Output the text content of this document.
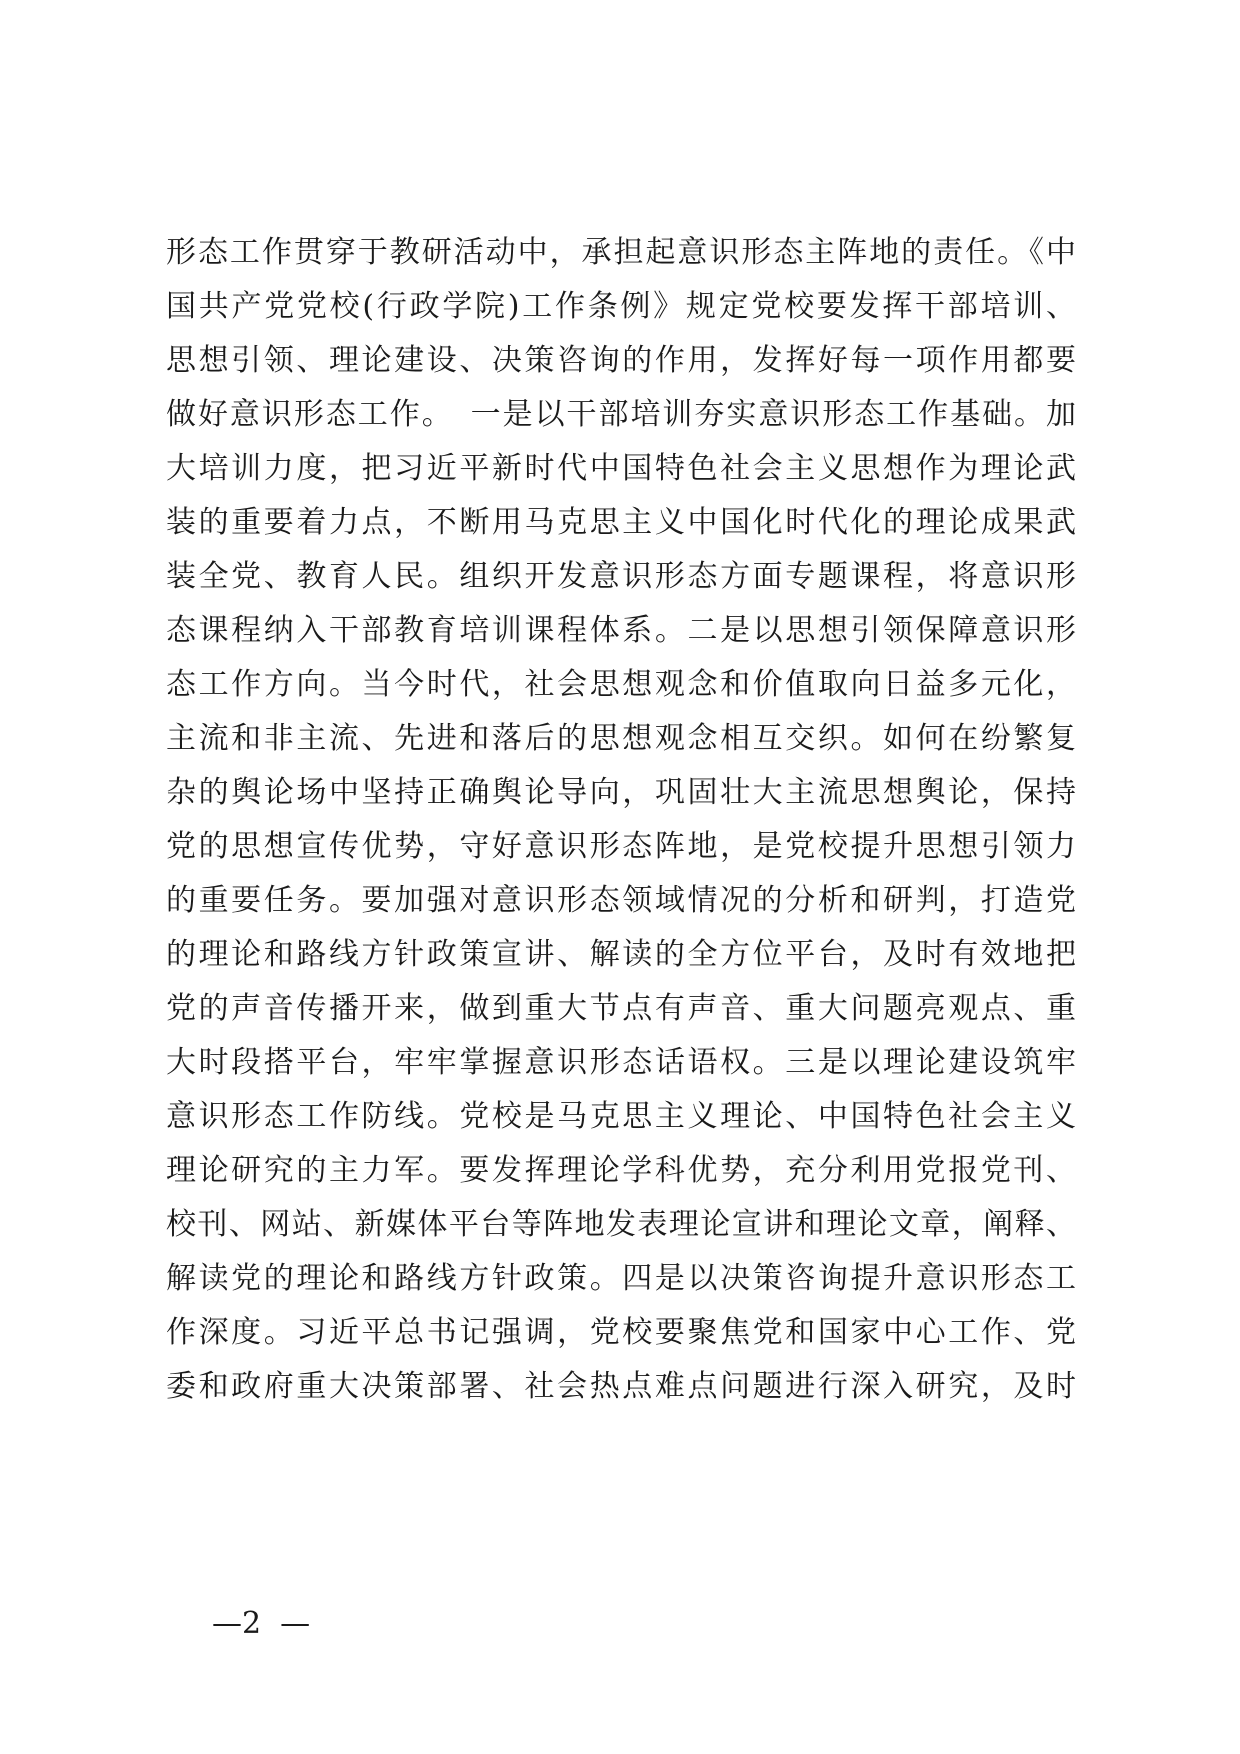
形态工作贯穿于教研活动中，承担起意识形态主阵地的责任。《中
国共产党党校(行政学院)工作条例》规定党校要发挥干部培训、
思想引领、理论建设、决策咨询的作用，发挥好每一项作用都要
做好意识形态工作。　一是以干部培训夯实意识形态工作基础。加
大培训力度，把习近平新时代中国特色社会主义思想作为理论武
装的重要着力点，不断用马克思主义中国化时代化的理论成果武
装全党、教育人民。组织开发意识形态方面专题课程，将意识形
态课程纳入干部教育培训课程体系。二是以思想引领保障意识形
态工作方向。当今时代，社会思想观念和价值取向日益多元化，
主流和非主流、先进和落后的思想观念相互交织。如何在纷繁复
杂的舆论场中坚持正确舆论导向，巩固壮大主流思想舆论，保持
党的思想宣传优势，守好意识形态阵地，是党校提升思想引领力
的重要任务。要加强对意识形态领域情况的分析和研判，打造党
的理论和路线方针政策宣讲、解读的全方位平台，及时有效地把
党的声音传播开来，做到重大节点有声音、重大问题亮观点、重
大时段搭平台，牢牢掌握意识形态话语权。三是以理论建设筑牢
意识形态工作防线。党校是马克思主义理论、中国特色社会主义
理论研究的主力军。要发挥理论学科优势，充分利用党报党刊、
校刊、网站、新媒体平台等阵地发表理论宣讲和理论文章，阐释、
解读党的理论和路线方针政策。四是以决策咨询提升意识形态工
作深度。习近平总书记强调，党校要聚焦党和国家中心工作、党
委和政府重大决策部署、社会热点难点问题进行深入研究，及时
—2  —
